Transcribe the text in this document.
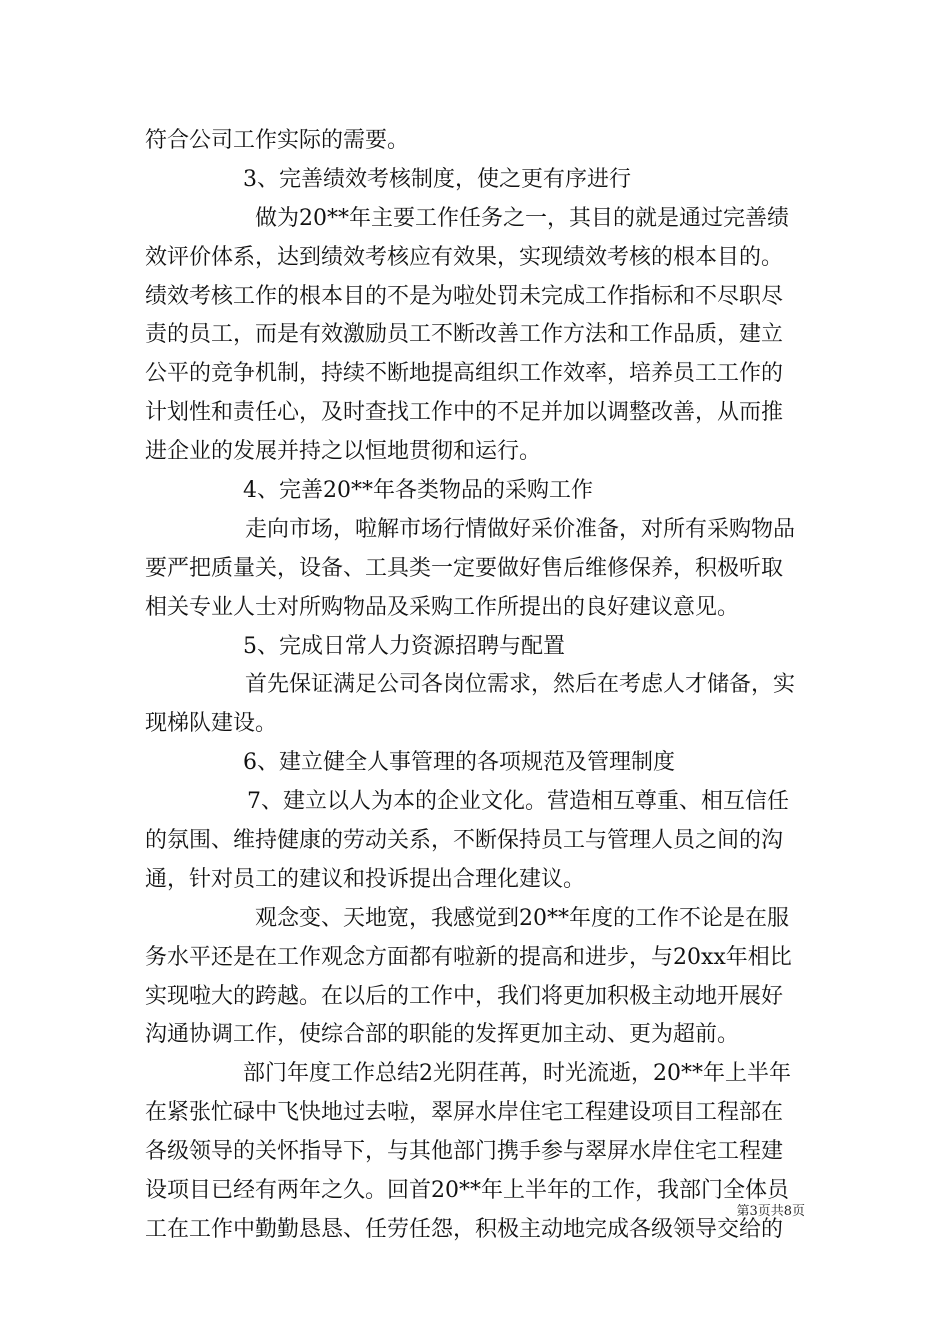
符合公司工作实际的需要。
3、完善绩效考核制度，使之更有序进行
做为20**年主要工作任务之一，其目的就是通过完善绩
效评价体系，达到绩效考核应有效果，实现绩效考核的根本目的。
绩效考核工作的根本目的不是为啦处罚未完成工作指标和不尽职尽
责的员工，而是有效激励员工不断改善工作方法和工作品质，建立
公平的竞争机制，持续不断地提高组织工作效率，培养员工工作的
计划性和责任心，及时查找工作中的不足并加以调整改善，从而推
进企业的发展并持之以恒地贯彻和运行。
4、完善20**年各类物品的采购工作
走向市场，啦解市场行情做好采价准备，对所有采购物品
要严把质量关，设备、工具类一定要做好售后维修保养，积极听取
相关专业人士对所购物品及采购工作所提出的良好建议意见。
5、完成日常人力资源招聘与配置
首先保证满足公司各岗位需求，然后在考虑人才储备，实
现梯队建设。
6、建立健全人事管理的各项规范及管理制度
7、建立以人为本的企业文化。营造相互尊重、相互信任
的氛围、维持健康的劳动关系，不断保持员工与管理人员之间的沟
通，针对员工的建议和投诉提出合理化建议。
观念变、天地宽，我感觉到20**年度的工作不论是在服
务水平还是在工作观念方面都有啦新的提高和进步，与20xx年相比
实现啦大的跨越。在以后的工作中，我们将更加积极主动地开展好
沟通协调工作，使综合部的职能的发挥更加主动、更为超前。
部门年度工作总结2光阴荏苒，时光流逝，20**年上半年
在紧张忙碌中飞快地过去啦，翠屏水岸住宅工程建设项目工程部在
各级领导的关怀指导下，与其他部门携手参与翠屏水岸住宅工程建
设项目已经有两年之久。回首20**年上半年的工作，我部门全体员
工在工作中勤勤恳恳、任劳任怨，积极主动地完成各级领导交给的
第3页共8页
